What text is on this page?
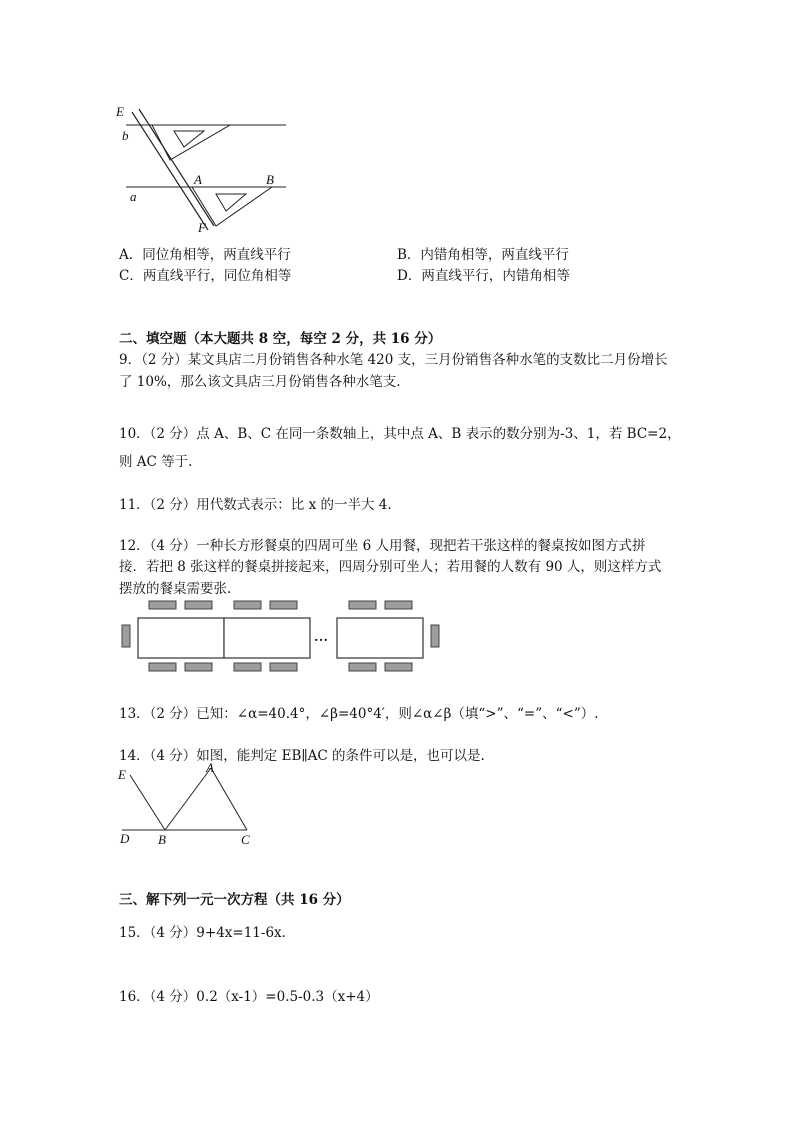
E
b
A	B
a
F
A．同位角相等，两直线平行	B．内错角相等，两直线平行
C．两直线平行，同位角相等	D．两直线平行，内错角相等
二、填空题（本大题共 8 空，每空 2 分，共 16 分）
9．（2 分）某文具店二月份销售各种水笔 420 支，三月份销售各种水笔的支数比二月份增长
了 10%，那么该文具店三月份销售各种水笔支.
10．（2 分）点 A、B、C 在同一条数轴上，其中点 A、B 表示的数分别为-3、1，若 BC=2，
则 AC 等于.
11．（2 分）用代数式表示：比 x 的一半大 4.
12．（4 分）一种长方形餐桌的四周可坐 6 人用餐，现把若干张这样的餐桌按如图方式拼
接．若把 8 张这样的餐桌拼接起来，四周分别可坐人；若用餐的人数有 90 人，则这样方式
摆放的餐桌需要张.
…
13．（2 分）已知：∠α=40.4°，∠β=40°4′，则∠α∠β（填“>”、“=”、“<”）.
14．（4 分）如图，能判定 EB∥AC 的条件可以是，也可以是.
E	A
D B	C
三、解下列一元一次方程（共 16 分）
15．（4 分）9+4x=11-6x.
16．（4 分）0.2（x-1）=0.5-0.3（x+4）
